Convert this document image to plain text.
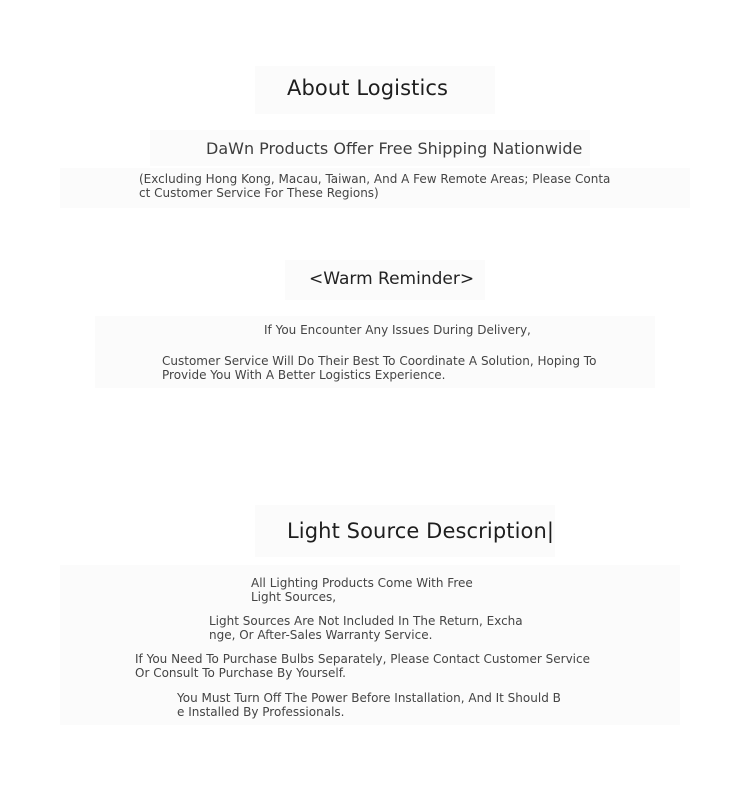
About Logistics
DaWn Products Offer Free Shipping Nationwide
(Excluding Hong Kong, Macau, Taiwan, And A Few Remote Areas; Please Contact Customer Service For These Regions)
<Warm Reminder>
If You Encounter Any Issues During Delivery,
Customer Service Will Do Their Best To Coordinate A Solution, Hoping To Provide You With A Better Logistics Experience.
Light Source Description|
All Lighting Products Come With Free Light Sources,
Light Sources Are Not Included In The Return, Exchange, Or After-Sales Warranty Service.
If You Need To Purchase Bulbs Separately, Please Contact Customer Service Or Consult To Purchase By Yourself.
You Must Turn Off The Power Before Installation, And It Should Be Installed By Professionals.
